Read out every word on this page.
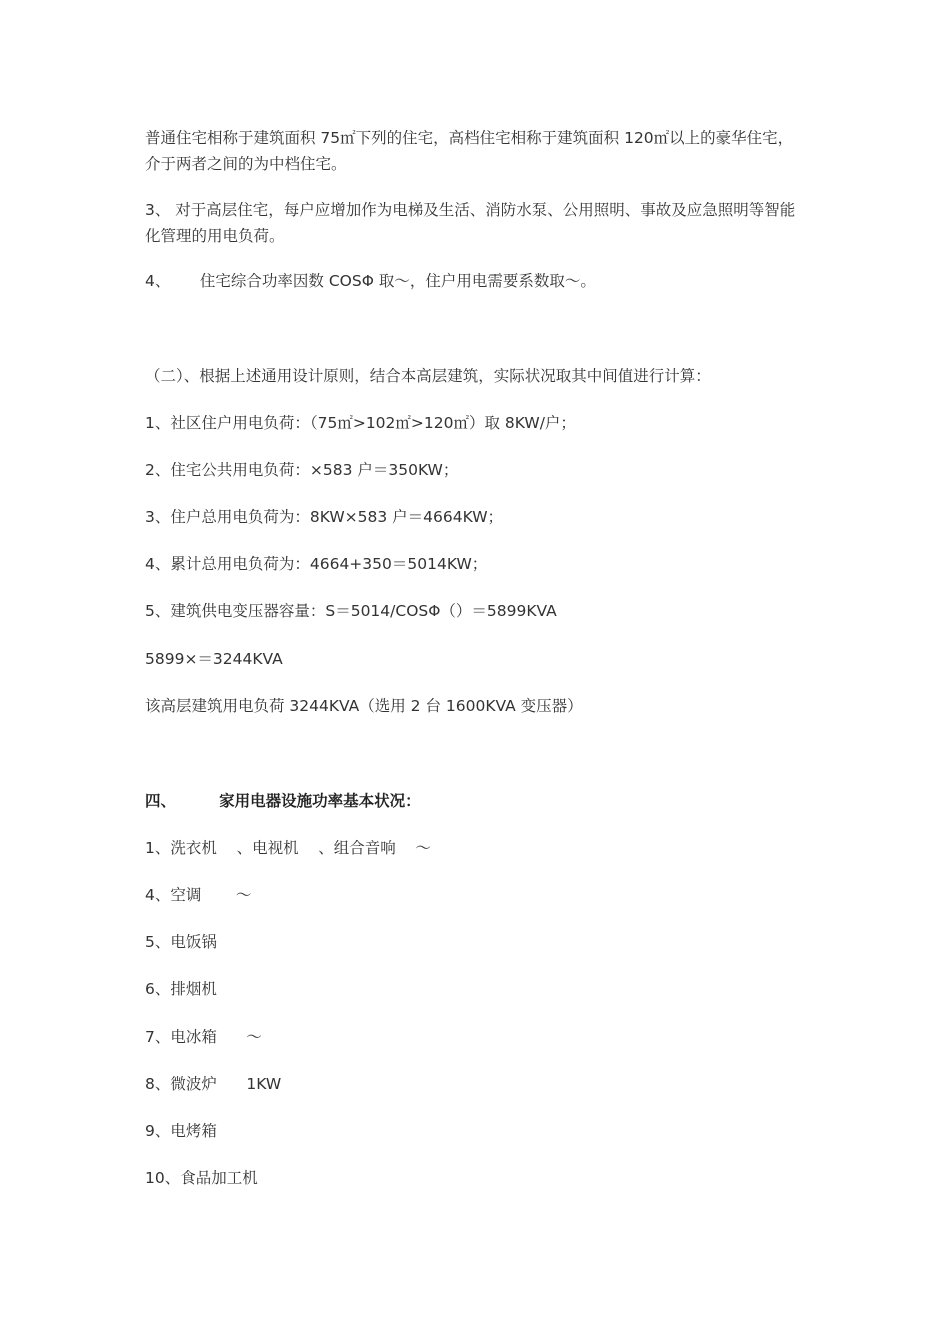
普通住宅相称于建筑面积 75㎡下列的住宅，高档住宅相称于建筑面积 120㎡以上的豪华住宅，介于两者之间的为中档住宅。
3、 对于高层住宅，每户应增加作为电梯及生活、消防水泵、公用照明、事故及应急照明等智能化管理的用电负荷。
4、      住宅综合功率因数 COSΦ 取～，住户用电需要系数取～。
（二）、根据上述通用设计原则，结合本高层建筑，实际状况取其中间值进行计算：
1、社区住户用电负荷：（75㎡>102㎡>120㎡）取 8KW/户；
2、住宅公共用电负荷：×583 户＝350KW；
3、住户总用电负荷为：8KW×583 户＝4664KW；
4、累计总用电负荷为：4664+350＝5014KW；
5、建筑供电变压器容量：S＝5014/COSΦ（）＝5899KVA
5899×＝3244KVA
该高层建筑用电负荷 3244KVA（选用 2 台 1600KVA 变压器）
四、        家用电器设施功率基本状况：
1、洗衣机    、电视机    、组合音响    ～
4、空调       ～
5、电饭锅
6、排烟机
7、电冰箱      ～
8、微波炉      1KW
9、电烤箱
10、食品加工机
